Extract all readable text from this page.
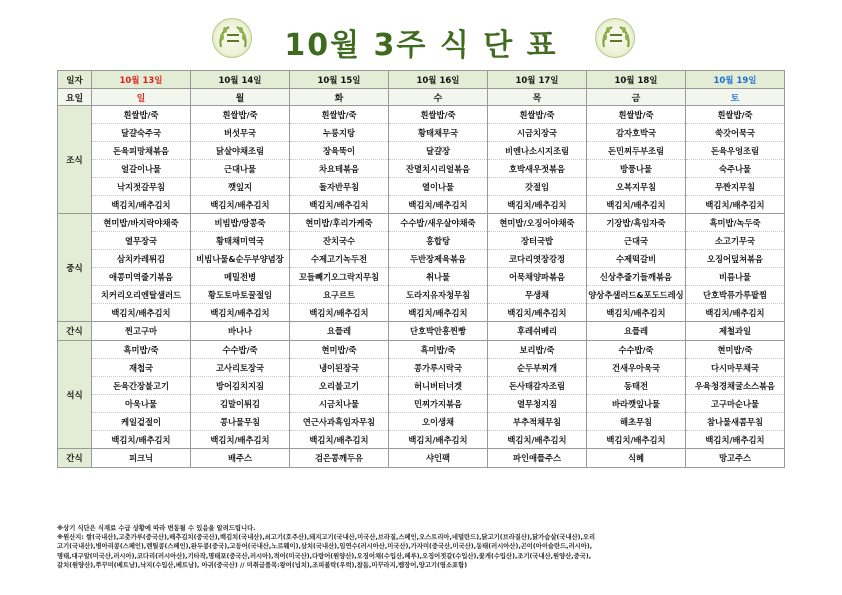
10월 3주 식 단 표
일자	10월 13일	10월 14일	10월 15일	10월 16일	10월 17일	10월 18일	10월 19일
요일	일	월	화	수	목	금	토
조식	흰쌀밥/죽	흰쌀밥/죽	흰쌀밥/죽	흰쌀밥/죽	흰쌀밥/죽	흰쌀밥/죽	흰쌀밥/죽
	달걀숙주국	버섯무국	누룽지탕	황태채무국	시금치장국	감자호박국	쑥갓어묵국
	돈육피망채볶음	닭살야채조림	장육뚝이	달걀장	비엔나소시지조림	돈민찌두부조림	돈육우엉조림
	얼갈이나물	근대나물	차요테볶음	잔멸치시리얼볶음	호박새우젓볶음	방풍나물	숙주나물
	낙지젓갈무침	깻잎지	돌자반무침	열이나물	갓절임	오복지무침	무짠지무침
	백김치/배추김치	백김치/배추김치	백김치/배추김치	백김치/배추김치	백김치/배추김치	백김치/배추김치	백김치/배추김치
중식	현미밥/바지락야채죽	비빔밥/땅콩죽	현미밥/후리가케죽	수수밥/새우살야채죽	현미밥/오징어야채죽	기장밥/흑임자죽	흑미밥/녹두죽
	열무장국	황태채미역국	잔치국수	홍합탕	장터국밥	근대국	소고기무국
	삼치카레튀김	비빔나물&순두부양념장	수제고기녹두전	두반장제육볶음	코다리엿장강정	수제떡갈비	오징어덮쳐볶음
	애콩미역줄기볶음	메밀전병	꼬들빼기오그락지무침	취나물	어묵채양파볶음	신상추줄기들깨볶음	비름나물
	치커리오리엔탈샐러드	황도토마토꿀절임	요구르트	도라지유자청무침	무생채	양상추샐러드&포도드레싱	단호박퓨가루팥찜
	백김치/배추김치	백김치/배추김치	백김치/배추김치	백김치/배추김치	백김치/배추김치	백김치/배추김치	백김치/배추김치
간식	찐고구마	바나나	요플레	단호박안흥찐빵	후레쉬베리	요플레	제철과일
석식	흑미밥/죽	수수밥/죽	현미밥/죽	흑미밥/죽	보리밥/죽	수수밥/죽	현미밥/죽
	재첩국	고사리토장국	냉이된장국	콩가루시락국	순두부찌개	건새우아욱국	다시마무채국
	돈육간장불고기	방어김치지짐	오리불고기	허니버터너겟	돈사태감자조림	동태전	우육청경채굴소스볶음
	아욱나물	김말이튀김	시금치나물	민찌가지볶음	열무청지짐	바라깻잎나물	고구마순나물
	케일겉절이	콩나물무침	연근사과흑임자무침	오이생채	부추적채무침	해초무침	참나물새콤무침
	백김치/배추김치	백김치/배추김치	백김치/배추김치	백김치/배추김치	백김치/배추김치	백김치/배추김치	백김치/배추김치
간식	피크닉	배주스	검은콩깨두유	샤인팩	파인애플주스	식혜	망고주스
※상기 식단은 식재료 수급 상황에 따라 변동될 수 있음을 알려드립니다.
※원산지: 쌀(국내산),고춧가루(중국산),배추김치(중국산),백김치(국내산),쇠고기(호주산),돼지고기(국내산,미국산,브라질,스페인,오스트리아,네덜란드),닭고기(브라질산),닭가슴살(국내산),오리
고기(국내산),병아리콩(스페인),렌틸콩(스페인),완두콩(중국),고등어(국내산,노르웨이),삼치(국내산),임연수(러시아산,미국산),가자미(중국산,미국산),동태(러시아산),곤이(아이슬란드,러시아),
명태,대구알(미국산,러시아),코다리(러시아산),기타작,명태포(중국산,러시아),적어(미국산),다랑어(원양산),오징어채(수입산,페루),오징어젓갈(수입산),꽃게(수입산),조기(국내산,원양산,중국),
갈치(원양산),쭈꾸미(베트남),낙지(수입산,베트남), 아귀(중국산) // 미취급품목:왕어(넙치),조피볼락(우럭),참돔,미꾸라지,뱀장어,양고기(염소포함)
